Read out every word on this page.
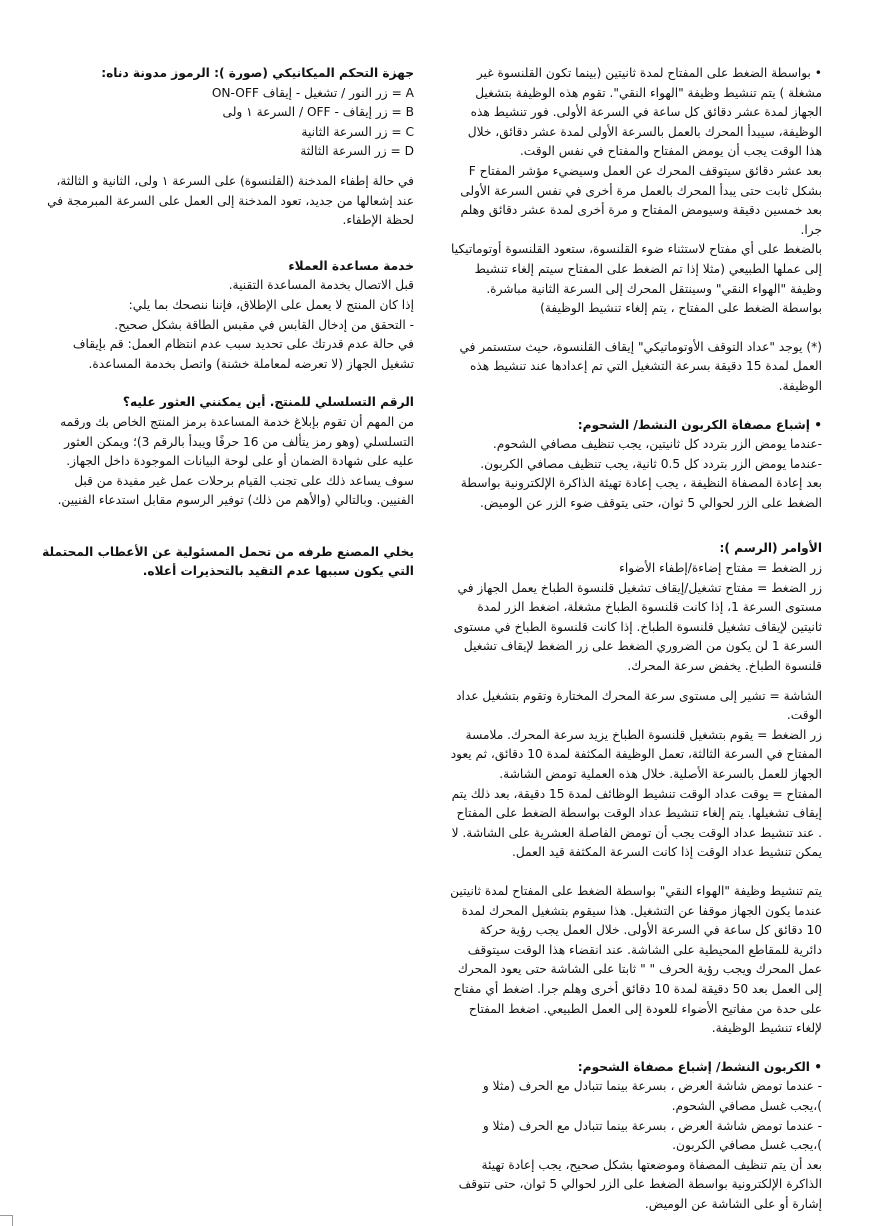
• بواسطة الضغط على المفتاح لمدة ثانيتين (بينما تكون القلنسوة غير مشغلة ) يتم تنشيط وظيفة "الهواء النقي". تقوم هذه الوظيفة بتشغيل الجهاز لمدة عشر دقائق كل ساعة في السرعة الأولى. فور تنشيط هذه الوظيفة، سيبدأ المحرك بالعمل بالسرعة الأولى لمدة عشر دقائق، خلال هذا الوقت يجب أن يومض المفتاح والمفتاح في نفس الوقت.

بعد عشر دقائق سيتوقف المحرك عن العمل وسيضيء مؤشر المفتاح F بشكل ثابت حتى يبدأ المحرك بالعمل مرة أخرى في نفس السرعة الأولى بعد خمسين دقيقة وسيومض المفتاح و مرة أخرى لمدة عشر دقائق وهلم جرا.

بالضغط على أي مفتاح لاستثناء ضوء القلنسوة، ستعود القلنسوة أوتوماتيكيا إلى عملها الطبيعي (مثلا إذا تم الضغط على المفتاح سيتم إلغاء تنشيط وظيفة "الهواء النقي" وسينتقل المحرك إلى السرعة الثانية مباشرة. بواسطة الضغط على المفتاح ، يتم إلغاء تنشيط الوظيفة)

(*) يوجد "عداد التوقف الأوتوماتيكي" إيقاف القلنسوة، حيث ستستمر في العمل لمدة 15 دقيقة بسرعة التشغيل التي تم إعدادها عند تنشيط هذه الوظيفة.

• إشباع مصفاة الكربون النشط/ الشحوم:

-عندما يومض الزر بتردد كل ثانيتين، يجب تنظيف مصافي الشحوم.

-عندما يومض الزر بتردد كل 0.5 ثانية، يجب تنظيف مصافي الكربون.

بعد إعادة المصفاة النظيفة ، يجب إعادة تهيئة الذاكرة الإلكترونية بواسطة الضغط على الزر لحوالي 5 ثوان، حتى يتوقف ضوء الزر عن الوميض.

الأوامر (الرسم ):

زر الضغط = مفتاح إضاءة/إطفاء الأضواء

زر الضغط = مفتاح تشغيل/إيقاف تشغيل قلنسوة الطباخ يعمل الجهاز في مستوى السرعة 1، إذا كانت قلنسوة الطباخ مشغلة، اضغط الزر لمدة ثانيتين لإيقاف تشغيل قلنسوة الطباخ. إذا كانت قلنسوة الطباخ في مستوى السرعة 1 لن يكون من الضروري الضغط على زر الضغط لإيقاف تشغيل قلنسوة الطباخ. يخفض سرعة المحرك.

الشاشة = تشير إلى مستوى سرعة المحرك المختارة وتقوم بتشغيل عداد الوقت.

زر الضغط = يقوم بتشغيل قلنسوة الطباخ يزيد سرعة المحرك. ملامسة المفتاح في السرعة الثالثة، تعمل الوظيفة المكثفة لمدة 10 دقائق، ثم يعود الجهاز للعمل بالسرعة الأصلية. خلال هذه العملية تومض الشاشة.

المفتاح = يوقت عداد الوقت تنشيط الوظائف لمدة 15 دقيقة، بعد ذلك يتم إيقاف تشغيلها. يتم إلغاء تنشيط عداد الوقت بواسطة الضغط على المفتاح . عند تنشيط عداد الوقت يجب أن تومض الفاصلة العشرية على الشاشة. لا يمكن تنشيط عداد الوقت إذا كانت السرعة المكثفة قيد العمل.

يتم تنشيط وظيفة "الهواء النقي" بواسطة الضغط على المفتاح لمدة ثانيتين عندما يكون الجهاز موقفا عن التشغيل. هذا سيقوم بتشغيل المحرك لمدة 10 دقائق كل ساعة في السرعة الأولى. خلال العمل يجب رؤية حركة دائرية للمقاطع المحيطية على الشاشة. عند انقضاء هذا الوقت سيتوقف عمل المحرك ويجب رؤية الحرف " " ثابتا على الشاشة حتى يعود المحرك إلى العمل بعد 50 دقيقة لمدة 10 دقائق أخرى وهلم جرا. اضغط أي مفتاح على حدة من مفاتيح الأضواء للعودة إلى العمل الطبيعي. اضغط المفتاح لإلغاء تنشيط الوظيفة.

• الكربون النشط/ إشباع مصفاة الشحوم:

- عندما تومض شاشة العرض ، بسرعة بينما تتبادل مع الحرف (مثلا و )،يجب غسل مصافي الشحوم.

- عندما تومض شاشة العرض ، بسرعة بينما تتبادل مع الحرف (مثلا و )،يجب غسل مصافي الكربون.

بعد أن يتم تنظيف المصفاة وموضعتها بشكل صحيح، يجب إعادة تهيئة الذاكرة الإلكترونية بواسطة الضغط على الزر لحوالي 5 ثوان، حتى تتوقف إشارة أو على الشاشة عن الوميض.

جهزة التحكم الميكانيكي (صورة ): الرموز مدونة دناه:

A = زر النور / تشغيل - إيقاف ON-OFF

B = زر إيقاف - OFF / السرعة ١ ولى

C = زر السرعة الثانية

D = زر السرعة الثالثة

في حالة إطفاء المدخنة (القلنسوة) على السرعة ١ ولى، الثانية و الثالثة، عند إشعالها من جديد، تعود المدخنة إلى العمل على السرعة المبرمجة في لحظة الإطفاء.

خدمة مساعدة العملاء

قبل الاتصال بخدمة المساعدة التقنية.

إذا كان المنتج لا يعمل على الإطلاق، فإننا ننصحك بما يلي:

- التحقق من إدخال القابس في مقبس الطاقة بشكل صحيح.

في حالة عدم قدرتك على تحديد سبب عدم انتظام العمل: قم بإيقاف تشغيل الجهاز (لا تعرضه لمعاملة خشنة) واتصل بخدمة المساعدة.

الرقم التسلسلي للمنتج. أين يمكنني العثور عليه؟

من المهم أن تقوم بإبلاغ خدمة المساعدة برمز المنتج الخاص بك ورقمه التسلسلي (وهو رمز يتألف من 16 حرفًا ويبدأ بالرقم 3)؛ ويمكن العثور عليه على شهادة الضمان أو على لوحة البيانات الموجودة داخل الجهاز.

سوف يساعد ذلك على تجنب القيام برحلات عمل غير مفيدة من قبل الفنيين. وبالتالي (والأهم من ذلك) توفير الرسوم مقابل استدعاء الفنيين.

يخلي المصنع طرفه من تحمل المسئولية عن الأعطاب المحتملة التي يكون سببها عدم التقيد بالتحذيرات أعلاه.
